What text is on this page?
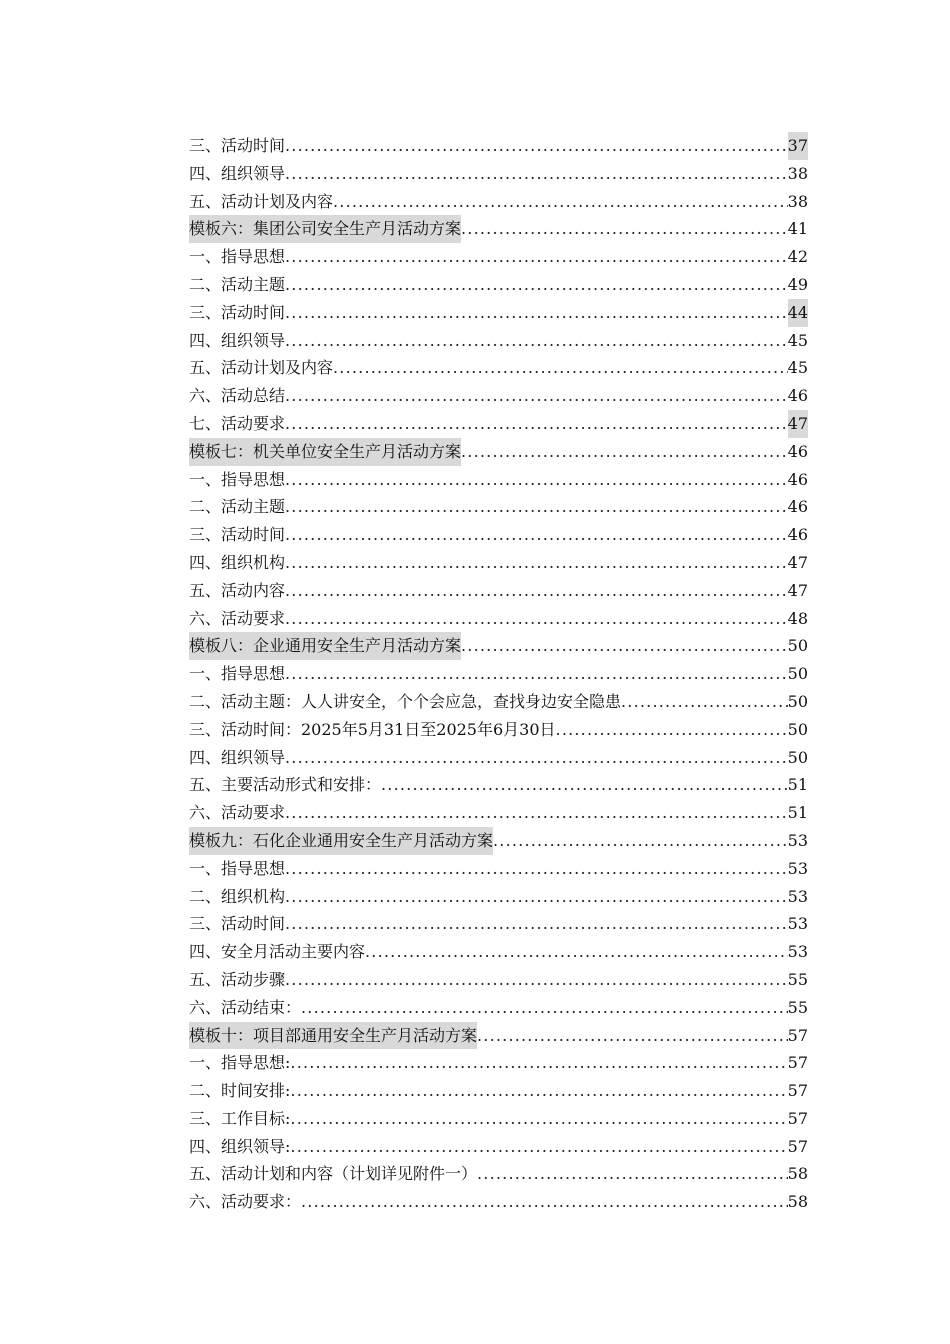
三、活动时间 .....	37
四、组织领导 .....	38
五、活动计划及内容 .....	38
模板六：集团公司安全生产月活动方案 .....	41
一、指导思想 .....	42
二、活动主题 .....	49
三、活动时间 .....	44
四、组织领导 .....	45
五、活动计划及内容 .....	45
六、活动总结 .....	46
七、活动要求 .....	47
模板七：机关单位安全生产月活动方案 .....	46
一、指导思想 .....	46
二、活动主题 .....	46
三、活动时间 .....	46
四、组织机构 .....	47
五、活动内容 .....	47
六、活动要求 .....	48
模板八：企业通用安全生产月活动方案 .....	50
一、指导思想 .....	50
二、活动主题：人人讲安全，个个会应急，查找身边安全隐患 .....	50
三、活动时间：2025年5月31日至2025年6月30日 .....	50
四、组织领导 .....	50
五、主要活动形式和安排： .....	51
六、活动要求 .....	51
模板九：石化企业通用安全生产月活动方案 .....	53
一、指导思想 .....	53
二、组织机构 .....	53
三、活动时间 .....	53
四、安全月活动主要内容 .....	53
五、活动步骤 .....	55
六、活动结束： .....	55
模板十：项目部通用安全生产月活动方案 .....	57
一、指导思想: .....	57
二、时间安排: .....	57
三、工作目标: .....	57
四、组织领导: .....	57
五、活动计划和内容（计划详见附件一） .....	58
六、活动要求： .....	58
